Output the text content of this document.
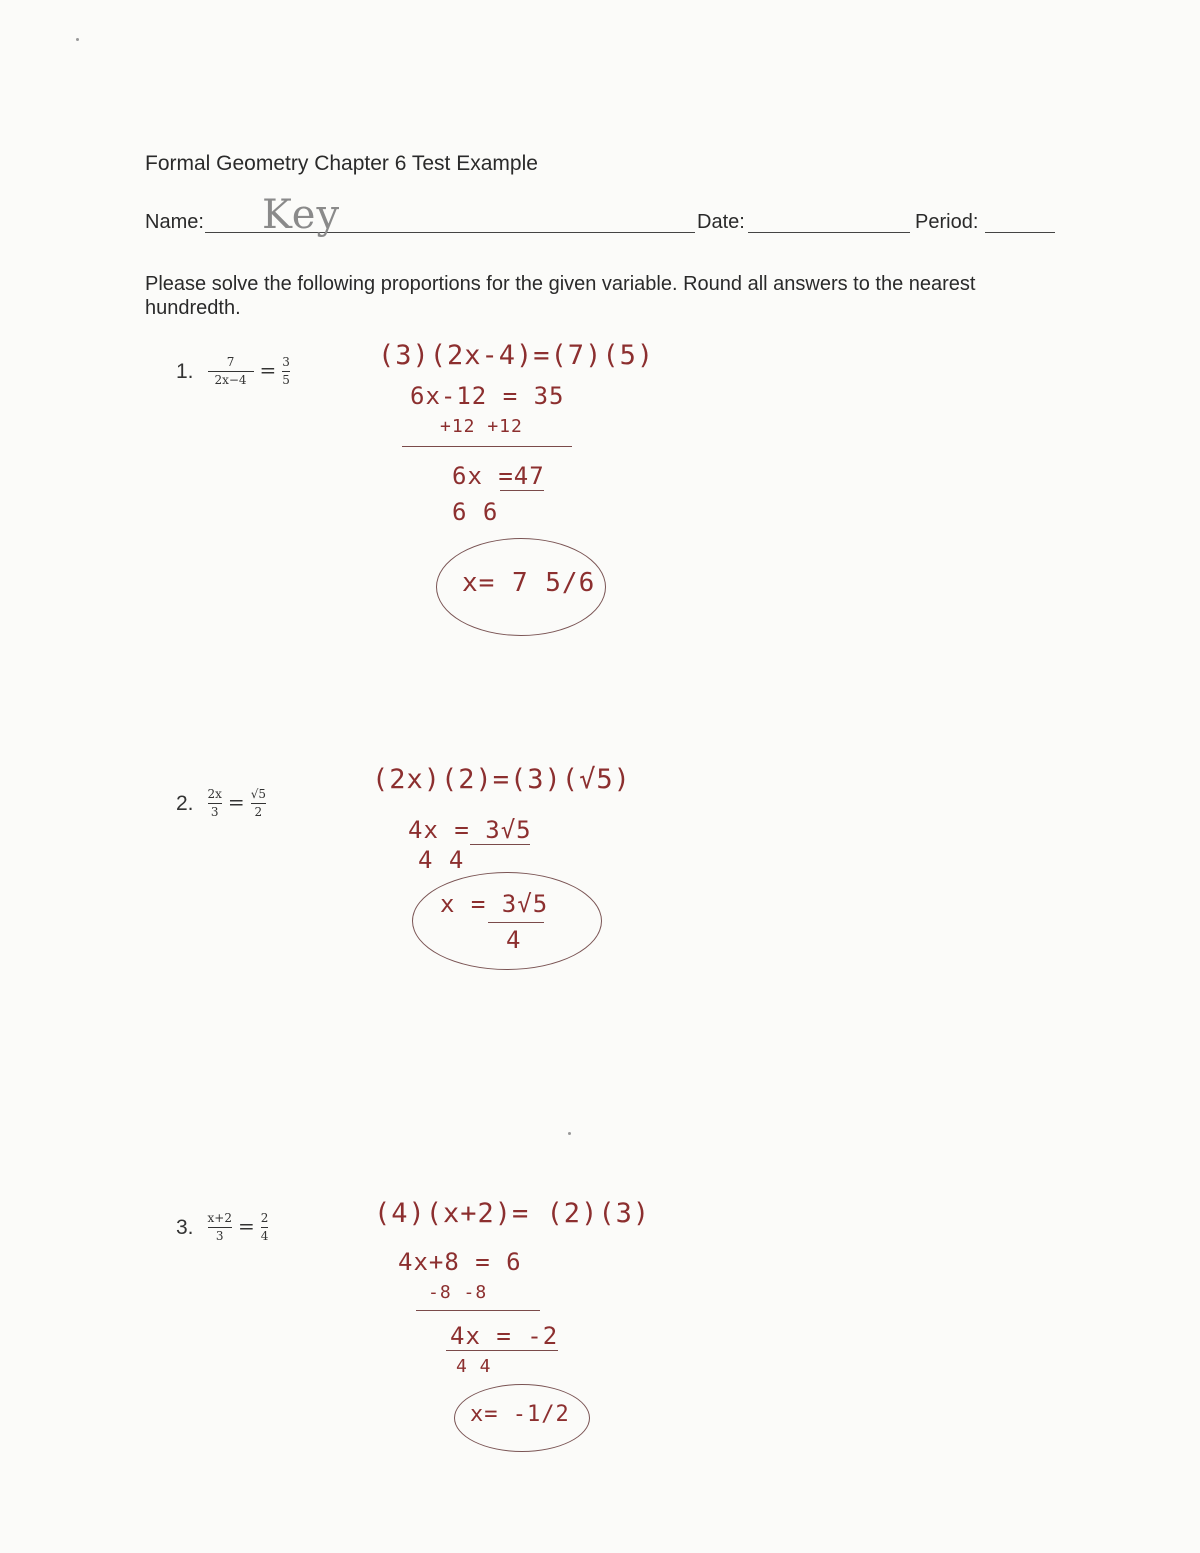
Formal Geometry Chapter 6 Test Example
Name: Key	Date:	Period:
Please solve the following proportions for the given variable. Round all answers to the nearest hundredth.
1. $\frac{7}{2x-4} = \frac{3}{5}$
(3)(2x-4)=(7)(5)
6x-12 = 35
+12 +12
6x =47
6 6
x= 7 5/6
2. $\frac{2x}{3} = \frac{√5}{2}$
(2x)(2)=(3)(√5)
4x = 3√5
4 4
x = 3√5
4
3. $\frac{x+2}{3} = \frac{2}{4}$	(4)(x+2)= (2)(3)
4x+8 = 6
-8 -8
4x = -2
4 4
x= -1/2
